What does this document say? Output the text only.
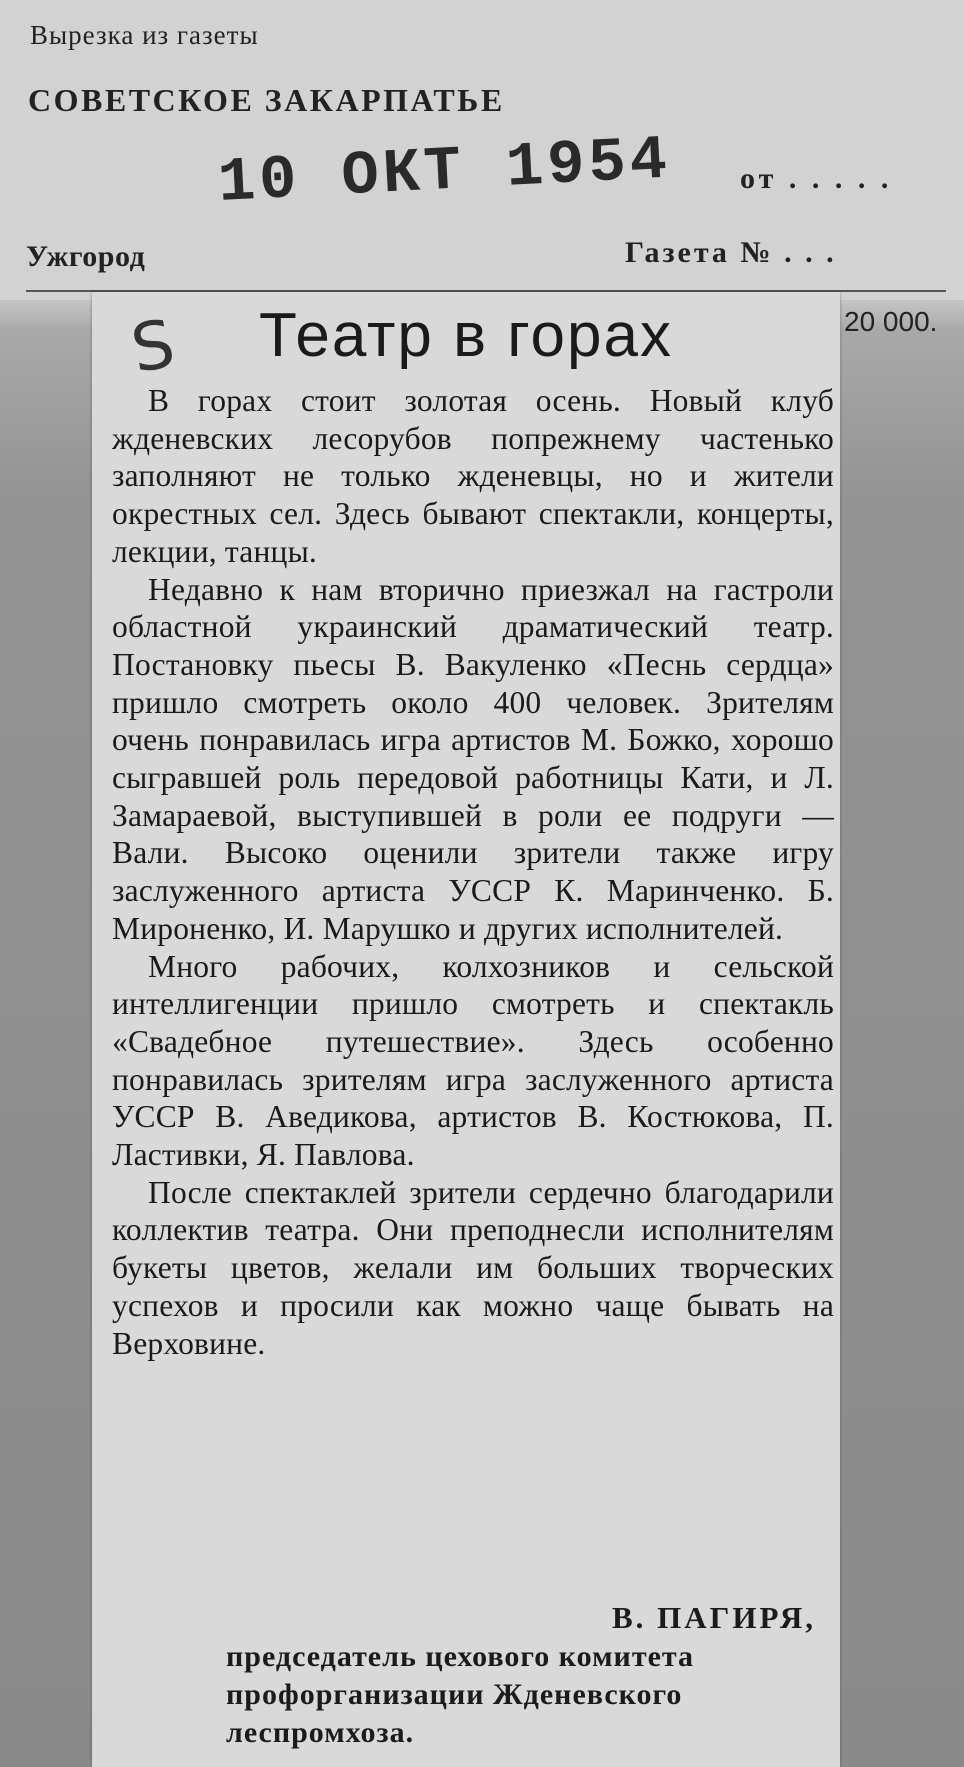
Вырезка из газеты
СОВЕТСКОЕ ЗАКАРПАТЬЕ
10 ОКТ 1954 от . . . . .
Ужгород	Газета № . . .
20 000.
S	Театр в горах

В горах стоит золотая осень. Новый клуб жденевских лесорубов попрежнему частенько заполняют не только жденевцы, но и жители окрестных сел. Здесь бывают спектакли, концерты, лекции, танцы.

Недавно к нам вторично приезжал на гастроли областной украинский драматический театр. Постановку пьесы В. Вакуленко «Песнь сердца» пришло смотреть около 400 человек. Зрителям очень понравилась игра артистов М. Божко, хорошо сыгравшей роль передовой работницы Кати, и Л. Замараевой, выступившей в роли ее подруги — Вали. Высоко оценили зрители также игру заслуженного артиста УССР К. Маринченко. Б. Мироненко, И. Марушко и других исполнителей.

Много рабочих, колхозников и сельской интеллигенции пришло смотреть и спектакль «Свадебное путешествие». Здесь особенно понравилась зрителям игра заслуженного артиста УССР В. Аведикова, артистов В. Костюкова, П. Ластивки, Я. Павлова.

После спектаклей зрители сердечно благодарили коллектив театра. Они преподнесли исполнителям букеты цветов, желали им больших творческих успехов и просили как можно чаще бывать на Верховине.

В. ПАГИРЯ,

председатель цехового комитета

профорганизации Жденевского

леспромхоза.
